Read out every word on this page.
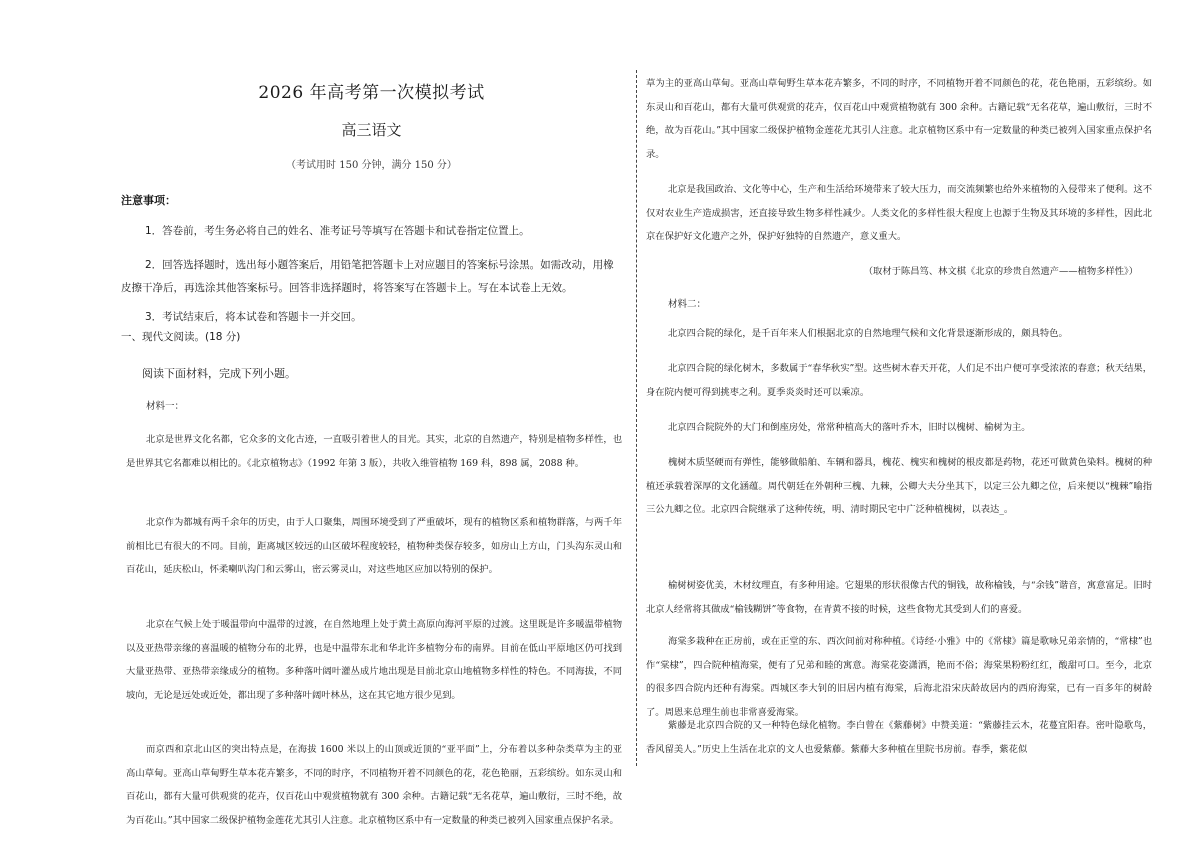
2026 年高考第一次模拟考试
高三语文
（考试用时 150 分钟，满分 150 分）
注意事项：
1．答卷前，考生务必将自己的姓名、准考证号等填写在答题卡和试卷指定位置上。
2．回答选择题时，选出每小题答案后，用铅笔把答题卡上对应题目的答案标号涂黑。如需改动，用橡皮擦干净后，再选涂其他答案标号。回答非选择题时，将答案写在答题卡上。写在本试卷上无效。
3．考试结束后，将本试卷和答题卡一并交回。
一、现代文阅读。(18 分)
阅读下面材料，完成下列小题。
材料一：
北京是世界文化名都，它众多的文化古迹，一直吸引着世人的目光。其实，北京的自然遗产，特别是植物多样性，也是世界其它名都难以相比的。《北京植物志》（1992 年第 3 版），共收入维管植物 169 科，898 属，2088 种。
北京作为都城有两千余年的历史，由于人口聚集，周围环境受到了严重破坏，现有的植物区系和植物群落，与两千年前相比已有很大的不同。目前，距离城区较远的山区破坏程度较轻，植物种类保存较多，如房山上方山，门头沟东灵山和百花山，延庆松山，怀柔喇叭沟门和云雾山，密云雾灵山，对这些地区应加以特别的保护。
北京在气候上处于暖温带向中温带的过渡，在自然地理上处于黄土高原向海河平原的过渡。这里既是许多暖温带植物以及亚热带亲缘的喜温暖的植物分布的北界，也是中温带东北和华北许多植物分布的南界。目前在低山平原地区仍可找到大量亚热带、亚热带亲缘成分的植物。多种落叶阔叶灌丛成片地出现是目前北京山地植物多样性的特色。不同海拔，不同坡向，无论是远处或近处，都出现了多种落叶阔叶林丛，这在其它地方很少见到。
而京西和京北山区的突出特点是，在海拔 1600 米以上的山顶或近顶的“亚平面”上，分布着以多种杂类草为主的亚高山草甸。亚高山草甸野生草本花卉繁多，不同的时序，不同植物开着不同颜色的花，花色艳丽，五彩缤纷。如东灵山和百花山，都有大量可供观赏的花卉，仅百花山中观赏植物就有 300 余种。古籍记载“无名花草，遍山敷衍，三时不绝，故为百花山。”其中国家二级保护植物金莲花尤其引人注意。北京植物区系中有一定数量的种类已被列入国家重点保护名录。
草为主的亚高山草甸。亚高山草甸野生草本花卉繁多，不同的时序，不同植物开着不同颜色的花，花色艳丽，五彩缤纷。如东灵山和百花山，都有大量可供观赏的花卉，仅百花山中观赏植物就有 300 余种。古籍记载“无名花草，遍山敷衍，三时不绝，故为百花山。”其中国家二级保护植物金莲花尤其引人注意。北京植物区系中有一定数量的种类已被列入国家重点保护名录。
北京是我国政治、文化等中心，生产和生活给环境带来了较大压力，而交流频繁也给外来植物的入侵带来了便利。这不仅对农业生产造成损害，还直接导致生物多样性减少。人类文化的多样性很大程度上也源于生物及其环境的多样性，因此北京在保护好文化遗产之外，保护好独特的自然遗产，意义重大。
（取材于陈昌笃、林文棋《北京的珍贵自然遗产——植物多样性》）
材料二：
北京四合院的绿化，是千百年来人们根据北京的自然地理气候和文化背景逐渐形成的，颇具特色。
北京四合院的绿化树木，多数属于“春华秋实”型。这些树木春天开花，人们足不出户便可享受浓浓的春意；秋天结果，身在院内便可得到挑枣之利。夏季炎炎时还可以乘凉。
北京四合院院外的大门和倒座房处，常常种植高大的落叶乔木，旧时以槐树、榆树为主。
槐树木质坚硬而有弹性，能够做船舶、车辆和器具，槐花、槐实和槐树的根皮都是药物，花还可做黄色染料。槐树的种植还承载着深厚的文化涵蕴。周代朝廷在外朝种三槐、九棘，公卿大夫分坐其下，以定三公九卿之位，后来便以“槐棘”喻指三公九卿之位。北京四合院继承了这种传统，明、清时期民宅中广泛种植槐树，以表达_。
榆树树姿优美，木材纹理直，有多种用途。它翅果的形状很像古代的铜钱，故称榆钱，与“余钱”谐音，寓意富足。旧时北京人经常将其做成“榆钱糊饼”等食物，在青黄不接的时候，这些食物尤其受到人们的喜爱。
海棠多栽种在正房前，或在正堂的东、西次间前对称种植。《诗经·小雅》中的《常棣》篇是歌咏兄弟亲情的，“常棣”也作“棠棣”，四合院种植海棠，便有了兄弟和睦的寓意。海棠花姿潇洒，艳而不俗；海棠果粉粉红红，酸甜可口。至今，北京的很多四合院内还种有海棠。西城区李大钊的旧居内植有海棠，后海北沿宋庆龄故居内的西府海棠，已有一百多年的树龄了。周恩来总理生前也非常喜爱海棠。
紫藤是北京四合院的又一种特色绿化植物。李白曾在《紫藤树》中赞美道：“紫藤挂云木，花蔓宜阳春。密叶隐歌鸟，香风留美人。”历史上生活在北京的文人也爱紫藤。紫藤大多种植在里院书房前。春季，紫花似
